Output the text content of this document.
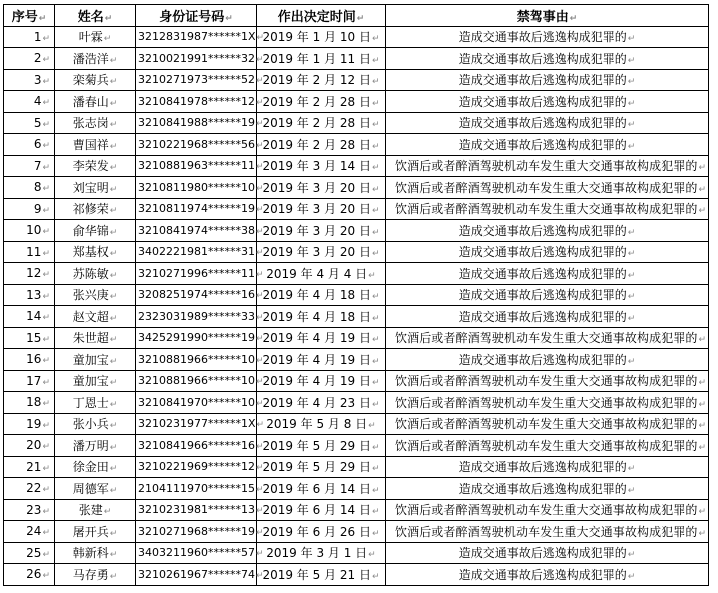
序号↵	姓名↵	身份证号码↵	作出决定时间↵	禁驾事由↵
1↵	叶霖↵	3212831987******1X↵	2019 年 1 月 10 日↵	造成交通事故后逃逸构成犯罪的↵
2↵	潘浩洋↵	3210021991******32↵	2019 年 1 月 11 日↵	造成交通事故后逃逸构成犯罪的↵
3↵	栾菊兵↵	3210271973******52↵	2019 年 2 月 12 日↵	造成交通事故后逃逸构成犯罪的↵
4↵	潘春山↵	3210841978******12↵	2019 年 2 月 28 日↵	造成交通事故后逃逸构成犯罪的↵
5↵	张志岗↵	3210841988******19↵	2019 年 2 月 28 日↵	造成交通事故后逃逸构成犯罪的↵
6↵	曹国祥↵	3210221968******56↵	2019 年 2 月 28 日↵	造成交通事故后逃逸构成犯罪的↵
7↵	李荣发↵	3210881963******11↵	2019 年 3 月 14 日↵	饮酒后或者醉酒驾驶机动车发生重大交通事故构成犯罪的↵
8↵	刘宝明↵	3210811980******10↵	2019 年 3 月 20 日↵	饮酒后或者醉酒驾驶机动车发生重大交通事故构成犯罪的↵
9↵	祁修荣↵	3210811974******19↵	2019 年 3 月 20 日↵	饮酒后或者醉酒驾驶机动车发生重大交通事故构成犯罪的↵
10↵	俞华锦↵	3210841974******38↵	2019 年 3 月 20 日↵	造成交通事故后逃逸构成犯罪的↵
11↵	郑基权↵	3402221981******31↵	2019 年 3 月 20 日↵	造成交通事故后逃逸构成犯罪的↵
12↵	苏陈敏↵	3210271996******11↵	2019 年 4 月 4 日↵	造成交通事故后逃逸构成犯罪的↵
13↵	张兴庚↵	3208251974******16↵	2019 年 4 月 18 日↵	造成交通事故后逃逸构成犯罪的↵
14↵	赵文超↵	2323031989******33↵	2019 年 4 月 18 日↵	造成交通事故后逃逸构成犯罪的↵
15↵	朱世超↵	3425291990******19↵	2019 年 4 月 19 日↵	饮酒后或者醉酒驾驶机动车发生重大交通事故构成犯罪的↵
16↵	童加宝↵	3210881966******10↵	2019 年 4 月 19 日↵	造成交通事故后逃逸构成犯罪的↵
17↵	童加宝↵	3210881966******10↵	2019 年 4 月 19 日↵	饮酒后或者醉酒驾驶机动车发生重大交通事故构成犯罪的↵
18↵	丁恩士↵	3210841970******10↵	2019 年 4 月 23 日↵	饮酒后或者醉酒驾驶机动车发生重大交通事故构成犯罪的↵
19↵	张小兵↵	3210231977******1X↵	2019 年 5 月 8 日↵	饮酒后或者醉酒驾驶机动车发生重大交通事故构成犯罪的↵
20↵	潘万明↵	3210841966******16↵	2019 年 5 月 29 日↵	饮酒后或者醉酒驾驶机动车发生重大交通事故构成犯罪的↵
21↵	徐金田↵	3210221969******12↵	2019 年 5 月 29 日↵	造成交通事故后逃逸构成犯罪的↵
22↵	周德军↵	2104111970******15↵	2019 年 6 月 14 日↵	造成交通事故后逃逸构成犯罪的↵
23↵	张建↵	3210231981******13↵	2019 年 6 月 14 日↵	饮酒后或者醉酒驾驶机动车发生重大交通事故构成犯罪的↵
24↵	屠开兵↵	3210271968******19↵	2019 年 6 月 26 日↵	饮酒后或者醉酒驾驶机动车发生重大交通事故构成犯罪的↵
25↵	韩新科↵	3403211960******57↵	2019 年 3 月 1 日↵	造成交通事故后逃逸构成犯罪的↵
26↵	马存勇↵	3210261967******74↵	2019 年 5 月 21 日↵	造成交通事故后逃逸构成犯罪的↵
